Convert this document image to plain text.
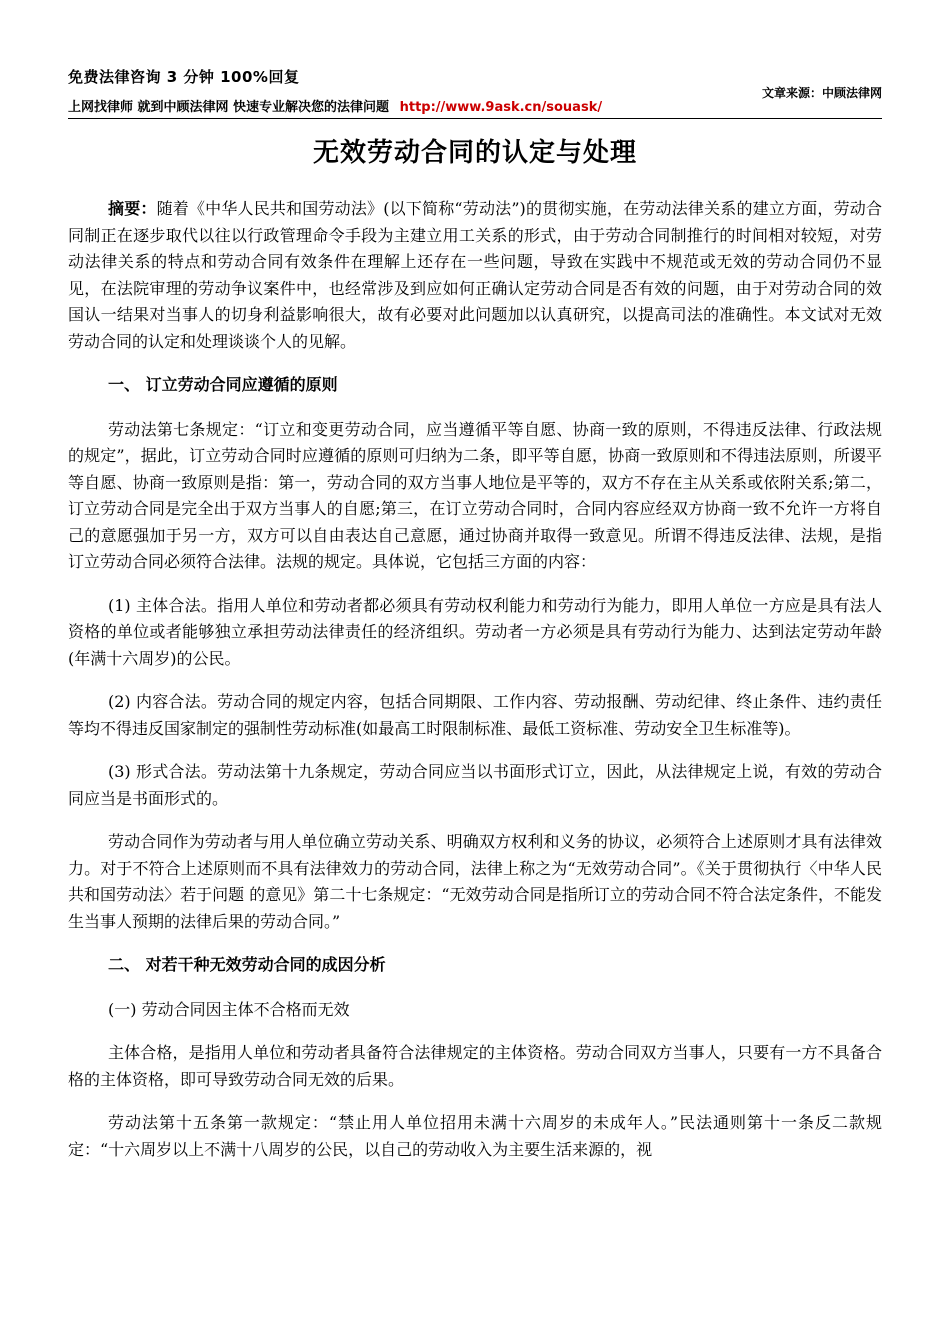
免费法律咨询 3 分钟 100%回复
上网找律师 就到中顾法律网 快速专业解决您的法律问题 http://www.9ask.cn/souask/
文章来源：中顾法律网
无效劳动合同的认定与处理

摘要：随着《中华人民共和国劳动法》(以下简称“劳动法”)的贯彻实施，在劳动法律关系的建立方面，劳动合同制正在逐步取代以往以行政管理命令手段为主建立用工关系的形式，由于劳动合同制推行的时间相对较短，对劳动法律关系的特点和劳动合同有效条件在理解上还存在一些问题，导致在实践中不规范或无效的劳动合同仍不显见，在法院审理的劳动争议案件中，也经常涉及到应如何正确认定劳动合同是否有效的问题，由于对劳动合同的效国认一结果对当事人的切身利益影响很大，故有必要对此问题加以认真研究，以提高司法的准确性。本文试对无效劳动合同的认定和处理谈谈个人的见解。

一、 订立劳动合同应遵循的原则

劳动法第七条规定：“订立和变更劳动合同，应当遵循平等自愿、协商一致的原则，不得违反法律、行政法规的规定”，据此，订立劳动合同时应遵循的原则可归纳为二条，即平等自愿，协商一致原则和不得违法原则，所谡平等自愿、协商一致原则是指：第一，劳动合同的双方当事人地位是平等的，双方不存在主从关系或依附关系;第二，订立劳动合同是完全出于双方当事人的自愿;第三，在订立劳动合同时，合同内容应经双方协商一致不允许一方将自己的意愿强加于另一方，双方可以自由表达自己意愿，通过协商并取得一致意见。所谓不得违反法律、法规，是指订立劳动合同必须符合法律。法规的规定。具体说，它包括三方面的内容：

(1) 主体合法。指用人单位和劳动者都必须具有劳动权利能力和劳动行为能力，即用人单位一方应是具有法人资格的单位或者能够独立承担劳动法律责任的经济组织。劳动者一方必须是具有劳动行为能力、达到法定劳动年龄(年满十六周岁)的公民。

(2) 内容合法。劳动合同的规定内容，包括合同期限、工作内容、劳动报酬、劳动纪律、终止条件、违约责任等均不得违反国家制定的强制性劳动标准(如最高工时限制标准、最低工资标准、劳动安全卫生标准等)。

(3) 形式合法。劳动法第十九条规定，劳动合同应当以书面形式订立，因此，从法律规定上说，有效的劳动合同应当是书面形式的。

劳动合同作为劳动者与用人单位确立劳动关系、明确双方权利和义务的协议，必须符合上述原则才具有法律效力。对于不符合上述原则而不具有法律效力的劳动合同，法律上称之为“无效劳动合同”。《关于贯彻执行〈中华人民共和国劳动法〉若于问题 的意见》第二十七条规定：“无效劳动合同是指所订立的劳动合同不符合法定条件，不能发生当事人预期的法律后果的劳动合同。”

二、 对若干种无效劳动合同的成因分析
(一) 劳动合同因主体不合格而无效

主体合格，是指用人单位和劳动者具备符合法律规定的主体资格。劳动合同双方当事人，只要有一方不具备合格的主体资格，即可导致劳动合同无效的后果。

劳动法第十五条第一款规定：“禁止用人单位招用未满十六周岁的未成年人。”民法通则第十一条反二款规定：“十六周岁以上不满十八周岁的公民，以自己的劳动收入为主要生活来源的，视
